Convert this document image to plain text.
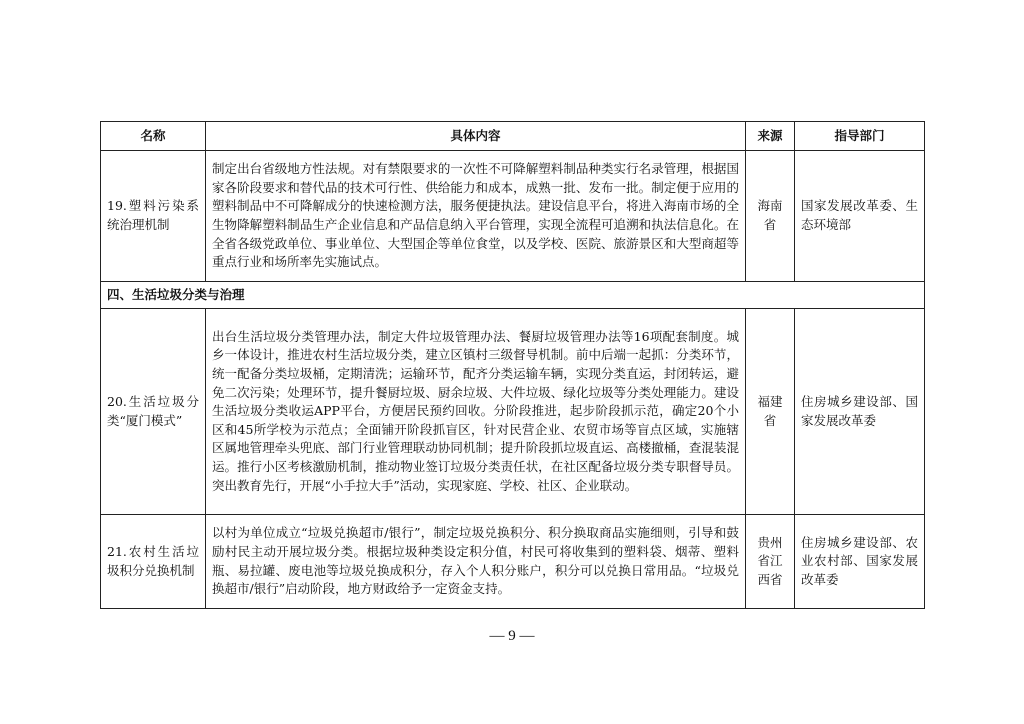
名称	具体内容	来源	指导部门
19.塑料污染系统治理机制	制定出台省级地方性法规。对有禁限要求的一次性不可降解塑料制品种类实行名录管理，根据国家各阶段要求和替代品的技术可行性、供给能力和成本，成熟一批、发布一批。制定便于应用的塑料制品中不可降解成分的快速检测方法，服务便捷执法。建设信息平台，将进入海南市场的全生物降解塑料制品生产企业信息和产品信息纳入平台管理，实现全流程可追溯和执法信息化。在全省各级党政单位、事业单位、大型国企等单位食堂，以及学校、医院、旅游景区和大型商超等重点行业和场所率先实施试点。	海南省	国家发展改革委、生态环境部
四、生活垃圾分类与治理			
20.生活垃圾分类“厦门模式”	出台生活垃圾分类管理办法，制定大件垃圾管理办法、餐厨垃圾管理办法等16项配套制度。城乡一体设计，推进农村生活垃圾分类，建立区镇村三级督导机制。前中后端一起抓：分类环节，统一配备分类垃圾桶，定期清洗；运输环节，配齐分类运输车辆，实现分类直运，封闭转运，避免二次污染；处理环节，提升餐厨垃圾、厨余垃圾、大件垃圾、绿化垃圾等分类处理能力。建设生活垃圾分类收运APP平台，方便居民预约回收。分阶段推进，起步阶段抓示范，确定20个小区和45所学校为示范点；全面铺开阶段抓盲区，针对民营企业、农贸市场等盲点区域，实施辖区属地管理牵头兜底、部门行业管理联动协同机制；提升阶段抓垃圾直运、高楼撤桶，查混装混运。推行小区考核激励机制，推动物业签订垃圾分类责任状，在社区配备垃圾分类专职督导员。突出教育先行，开展“小手拉大手”活动，实现家庭、学校、社区、企业联动。	福建省	住房城乡建设部、国家发展改革委
21.农村生活垃圾积分兑换机制	以村为单位成立“垃圾兑换超市/银行”，制定垃圾兑换积分、积分换取商品实施细则，引导和鼓励村民主动开展垃圾分类。根据垃圾种类设定积分值，村民可将收集到的塑料袋、烟蒂、塑料瓶、易拉罐、废电池等垃圾兑换成积分，存入个人积分账户，积分可以兑换日常用品。“垃圾兑换超市/银行”启动阶段，地方财政给予一定资金支持。	贵州省江西省	住房城乡建设部、农业农村部、国家发展改革委
— 9 —
